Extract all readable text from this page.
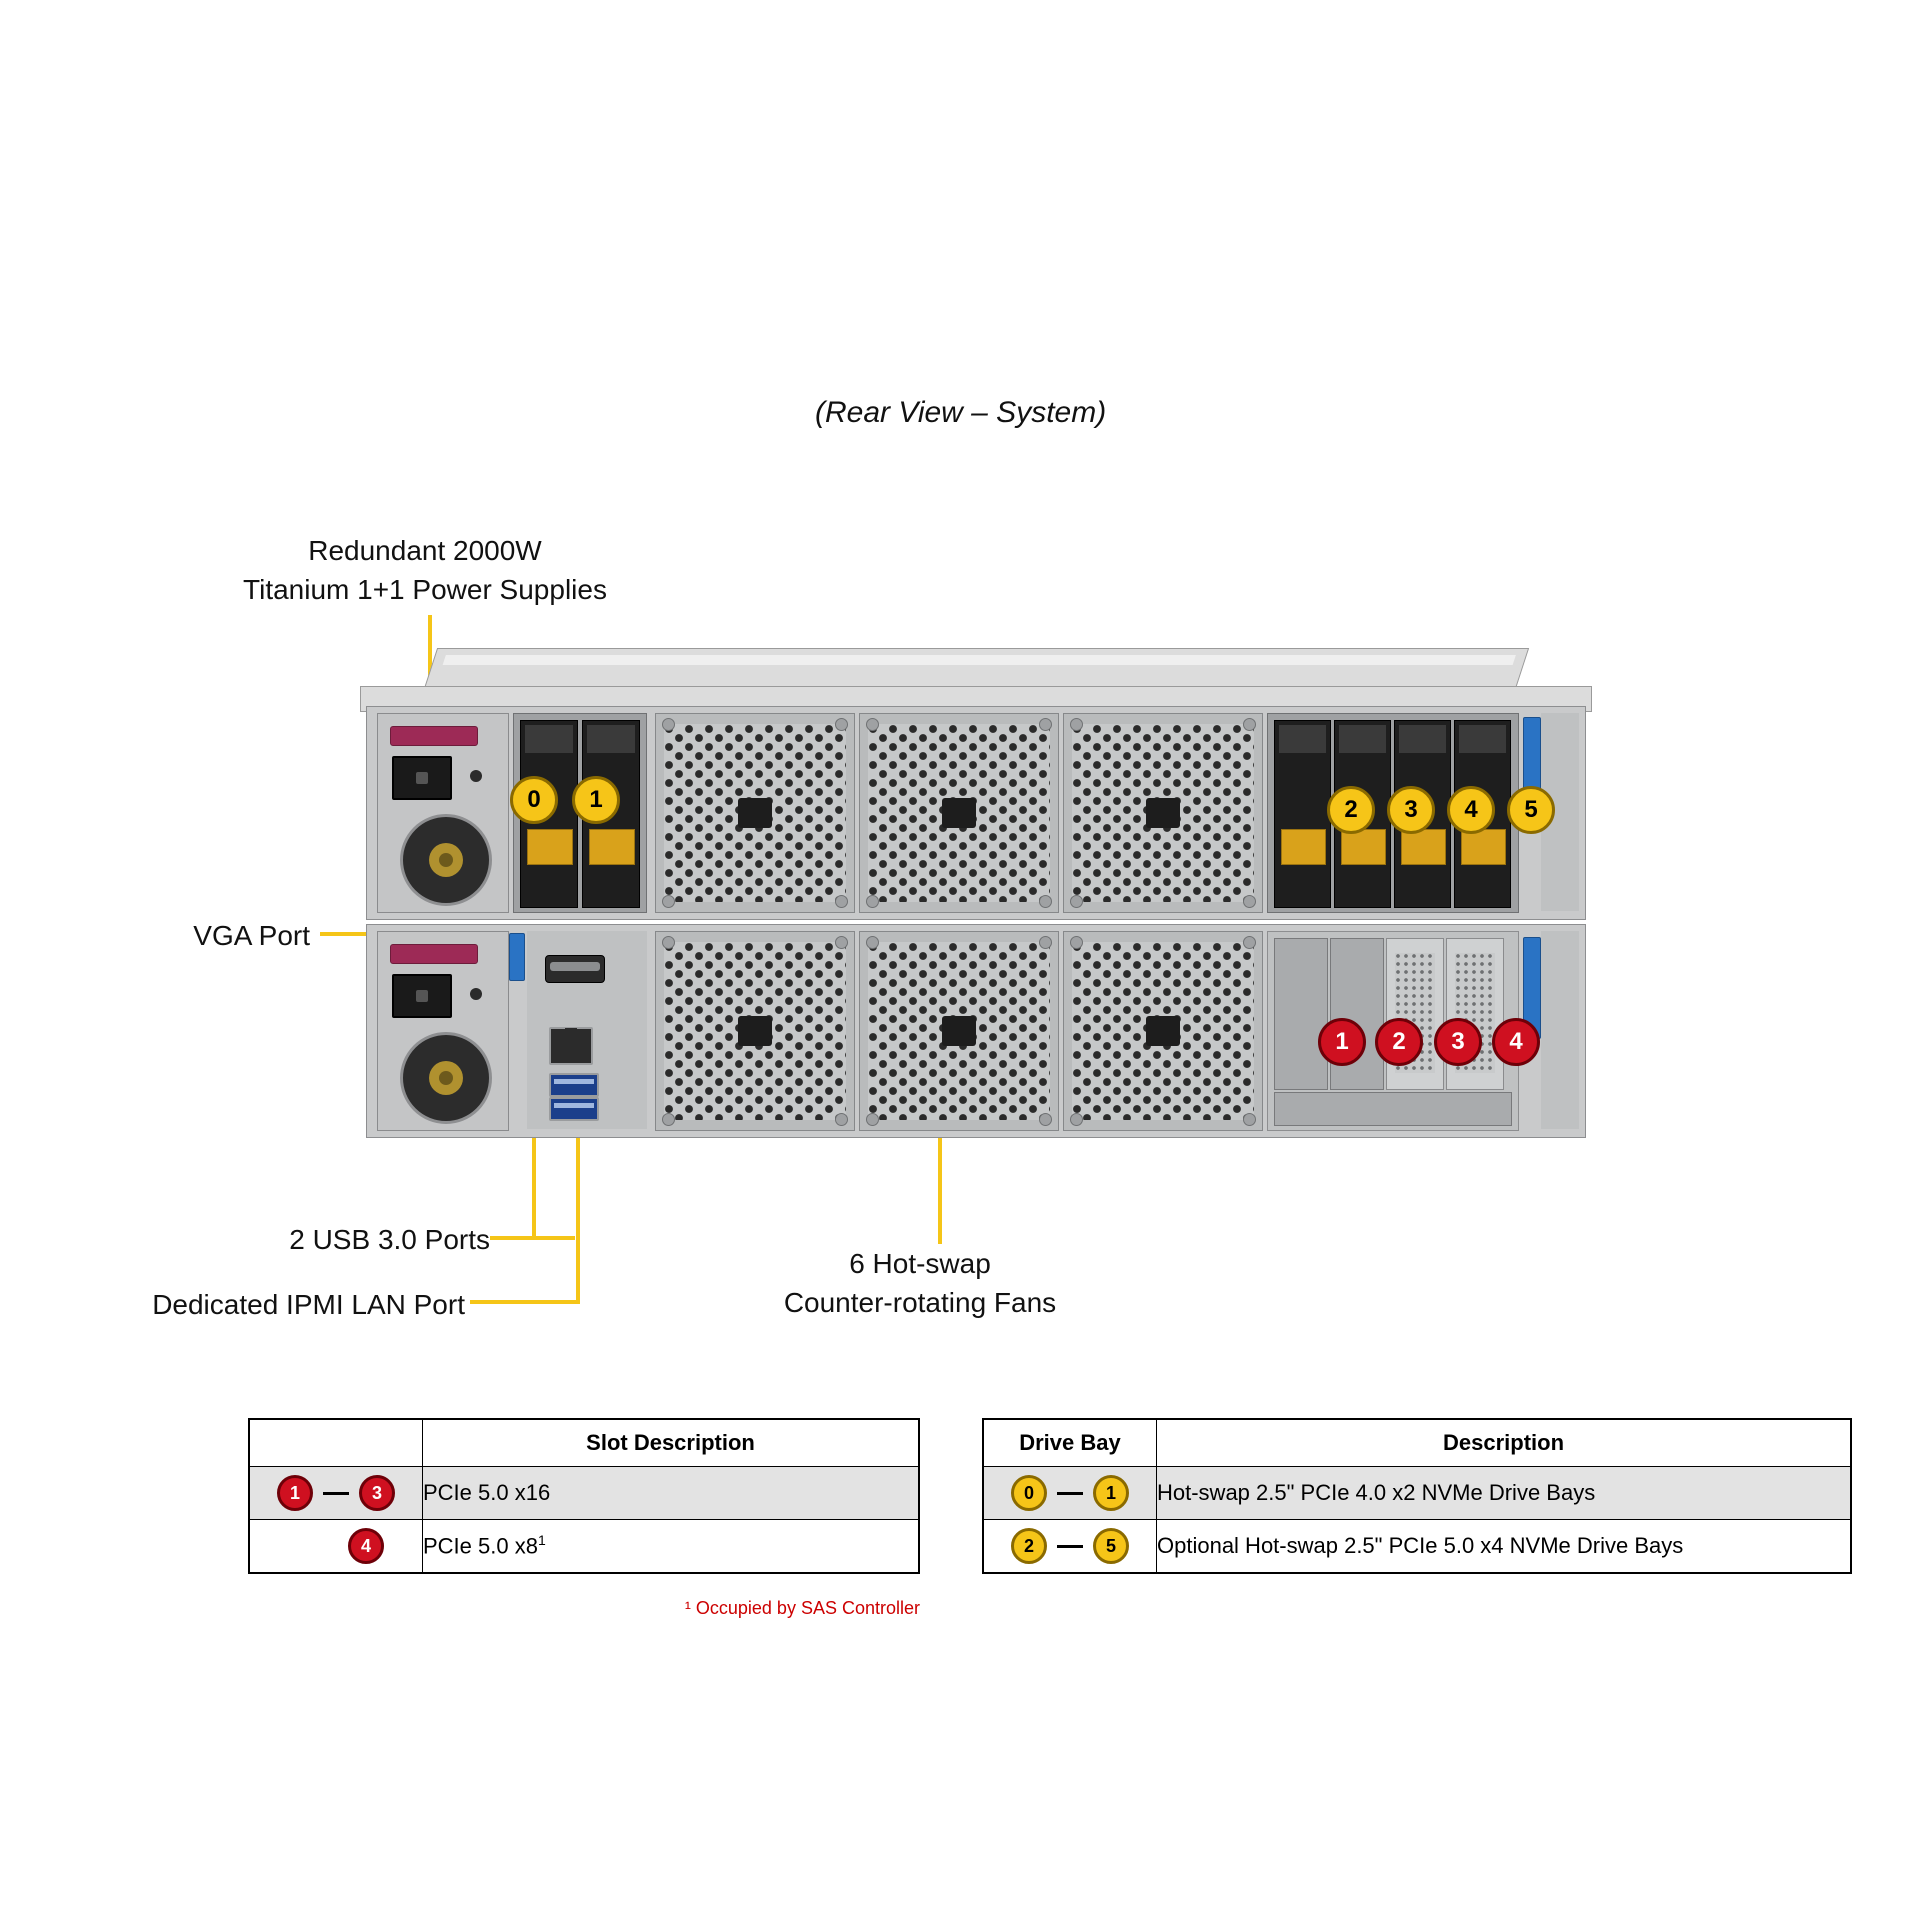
(Rear View – System)
Redundant 2000W
Titanium 1+1 Power Supplies
VGA Port
2 USB 3.0 Ports
Dedicated IPMI LAN Port
6 Hot-swap
Counter-rotating Fans
0	1	2	3	4	5
1	2	3	4
	Slot Description
1 3	PCIe 5.0 x16
4	PCIe 5.0 $x8^1$
¹ Occupied by SAS Controller
Drive Bay	Description
0 1	Hot-swap 2.5" PCIe 4.0 x2 NVMe Drive Bays
2 5	Optional Hot-swap 2.5" PCIe 5.0 x4 NVMe Drive Bays
